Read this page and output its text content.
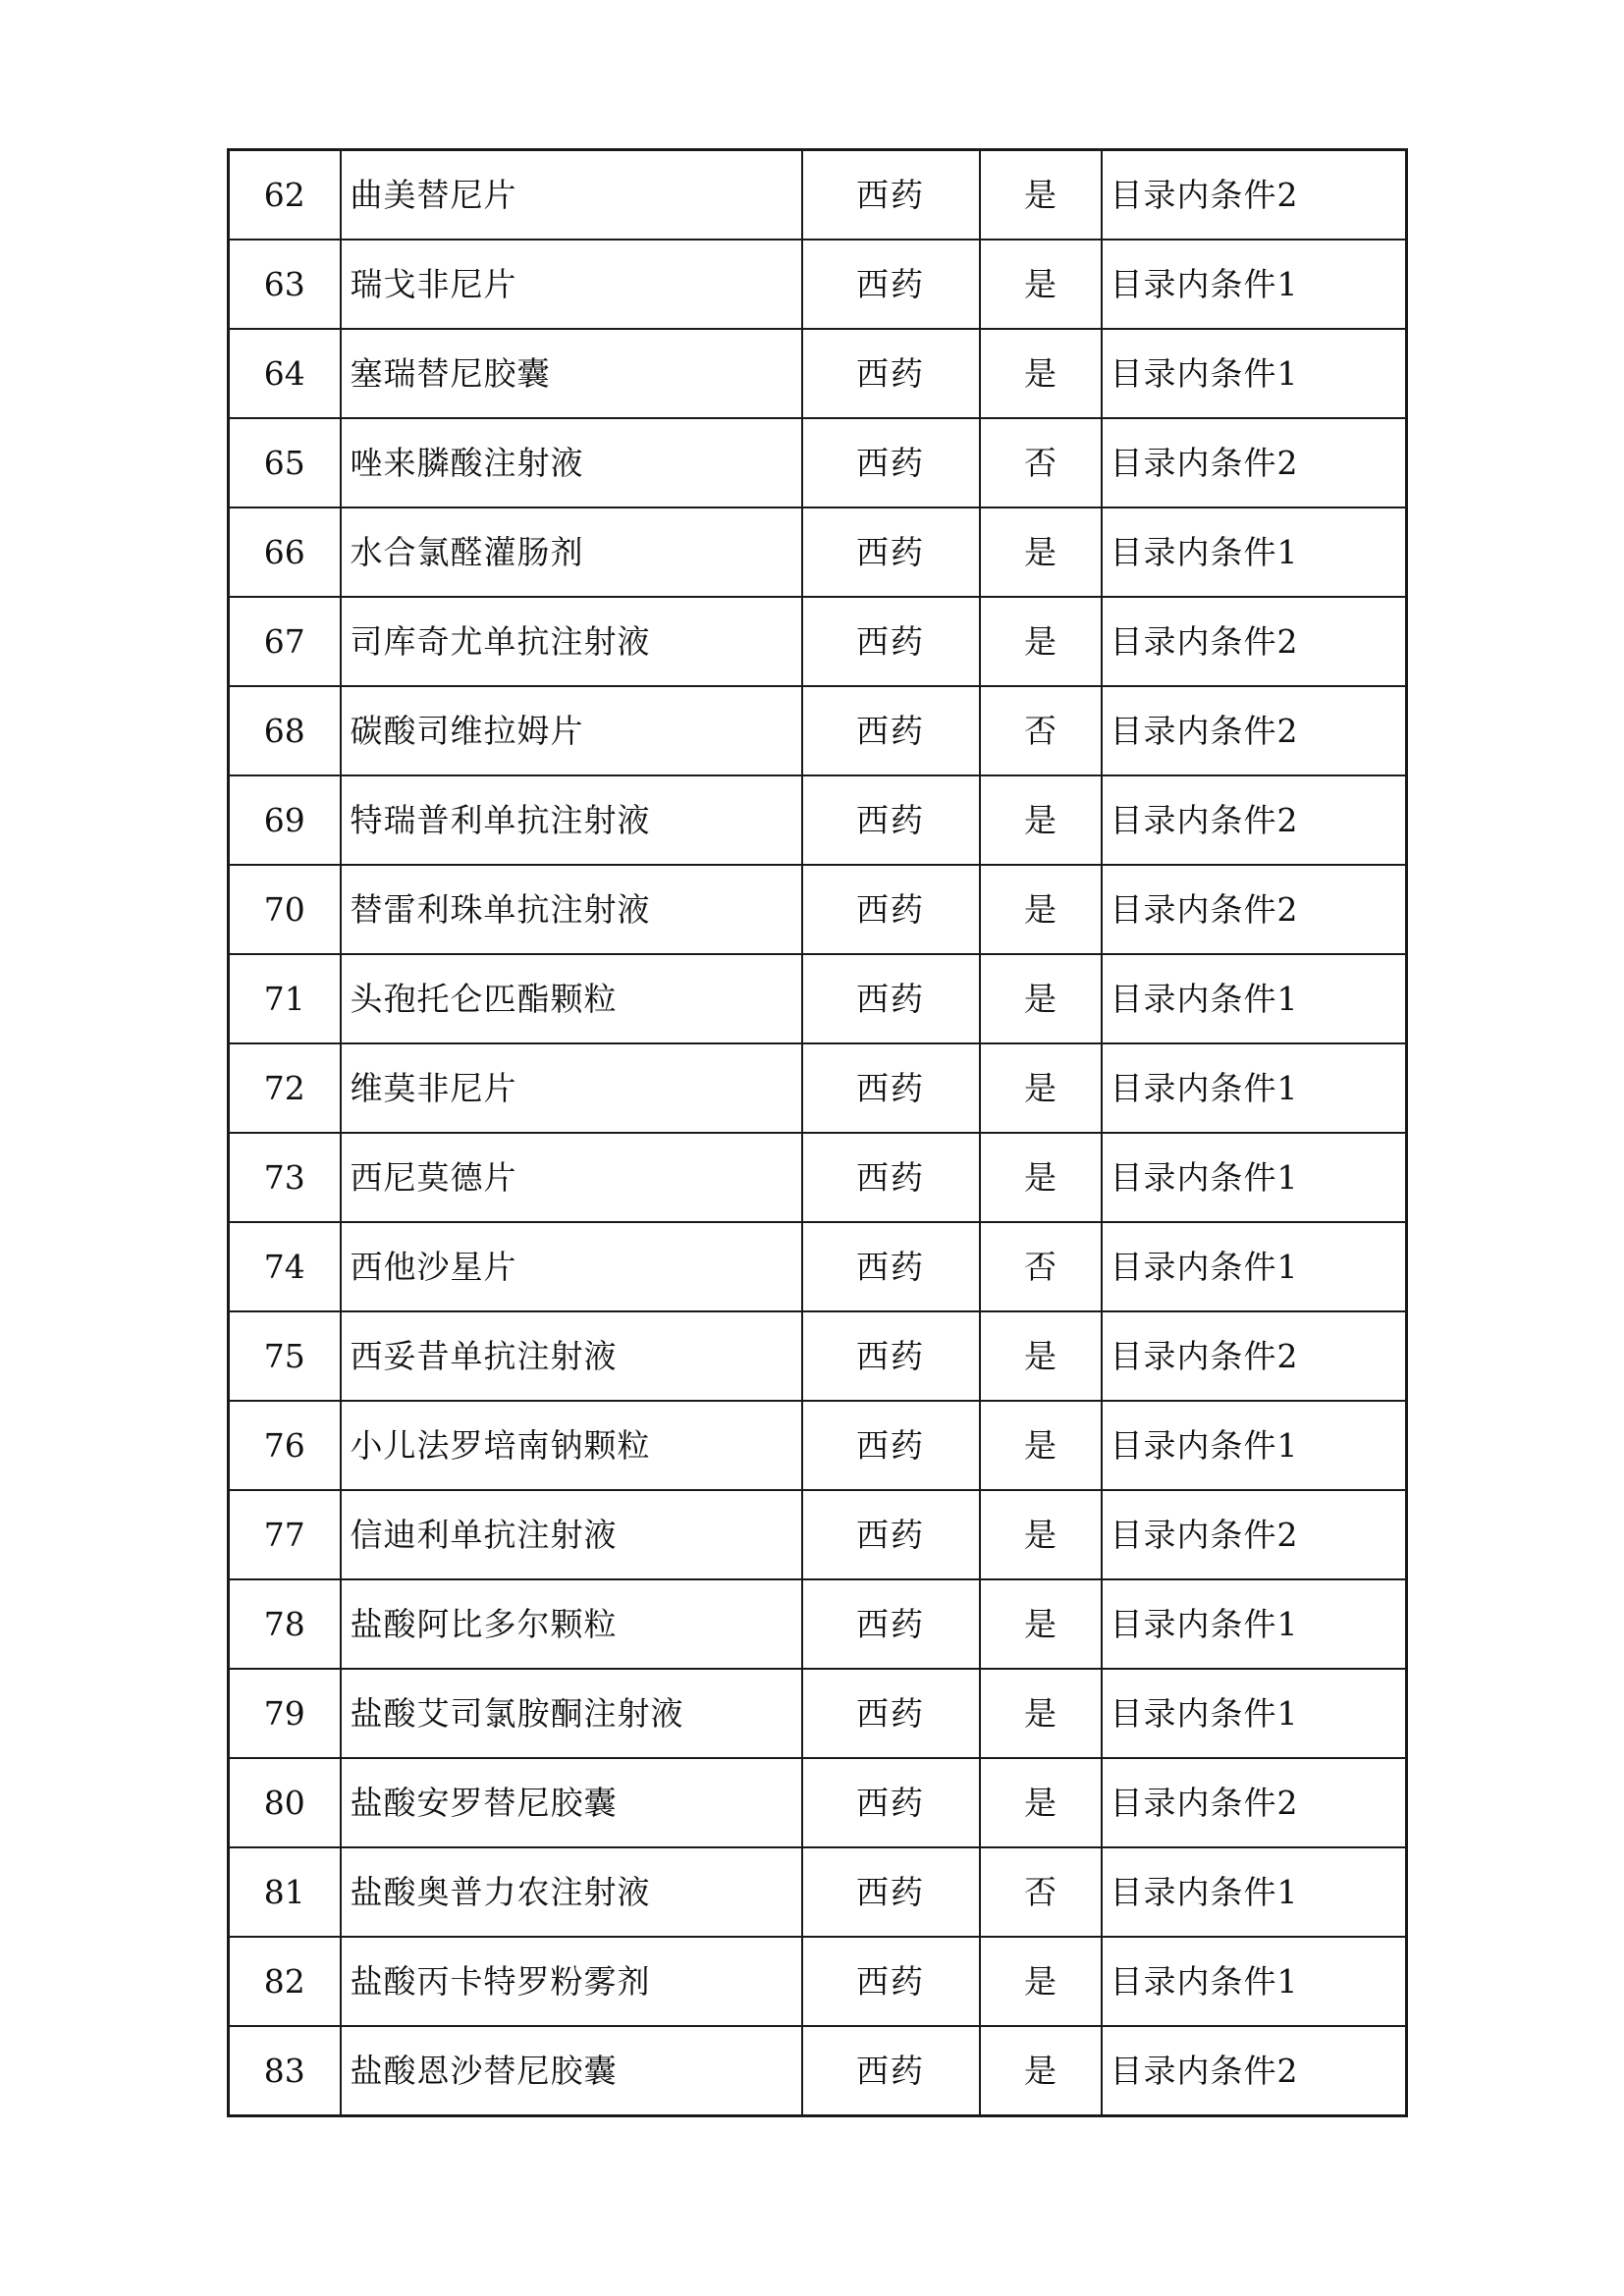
62	曲美替尼片	西药	是	目录内条件2
63	瑞戈非尼片	西药	是	目录内条件1
64	塞瑞替尼胶囊	西药	是	目录内条件1
65	唑来膦酸注射液	西药	否	目录内条件2
66	水合氯醛灌肠剂	西药	是	目录内条件1
67	司库奇尤单抗注射液	西药	是	目录内条件2
68	碳酸司维拉姆片	西药	否	目录内条件2
69	特瑞普利单抗注射液	西药	是	目录内条件2
70	替雷利珠单抗注射液	西药	是	目录内条件2
71	头孢托仑匹酯颗粒	西药	是	目录内条件1
72	维莫非尼片	西药	是	目录内条件1
73	西尼莫德片	西药	是	目录内条件1
74	西他沙星片	西药	否	目录内条件1
75	西妥昔单抗注射液	西药	是	目录内条件2
76	小儿法罗培南钠颗粒	西药	是	目录内条件1
77	信迪利单抗注射液	西药	是	目录内条件2
78	盐酸阿比多尔颗粒	西药	是	目录内条件1
79	盐酸艾司氯胺酮注射液	西药	是	目录内条件1
80	盐酸安罗替尼胶囊	西药	是	目录内条件2
81	盐酸奥普力农注射液	西药	否	目录内条件1
82	盐酸丙卡特罗粉雾剂	西药	是	目录内条件1
83	盐酸恩沙替尼胶囊	西药	是	目录内条件2
